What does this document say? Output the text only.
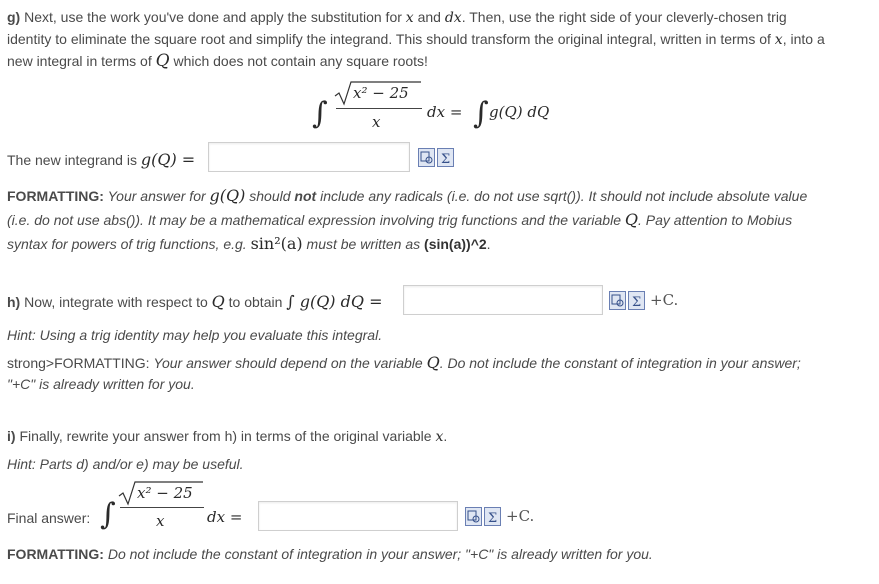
g) Next, use the work you've done and apply the substitution for x and dx. Then, use the right side of your cleverly-chosen trig
identity to eliminate the square root and simplify the integrand. This should transform the original integral, written in terms of x, into a
new integral in terms of Q which does not contain any square roots!
∫
x² − 25
x
dx = ∫ g(Q) dQ
The new integrand is g(Q) =	Σ
FORMATTING: Your answer for g(Q) should not include any radicals (i.e. do not use sqrt()). It should not include absolute value
(i.e. do not use abs()). It may be a mathematical expression involving trig functions and the variable Q. Pay attention to Mobius
syntax for powers of trig functions, e.g. sin²(a) must be written as (sin(a))^2.
h) Now, integrate with respect to Q to obtain ∫ g(Q) dQ =	Σ +C.
Hint: Using a trig identity may help you evaluate this integral.
strong>FORMATTING: Your answer should depend on the variable Q. Do not include the constant of integration in your answer;
"+C" is already written for you.
i) Finally, rewrite your answer from h) in terms of the original variable x.
Hint: Parts d) and/or e) may be useful.
Final answer: ∫
x² − 25
x	dx =	Σ +C.
FORMATTING: Do not include the constant of integration in your answer; "+C" is already written for you.
